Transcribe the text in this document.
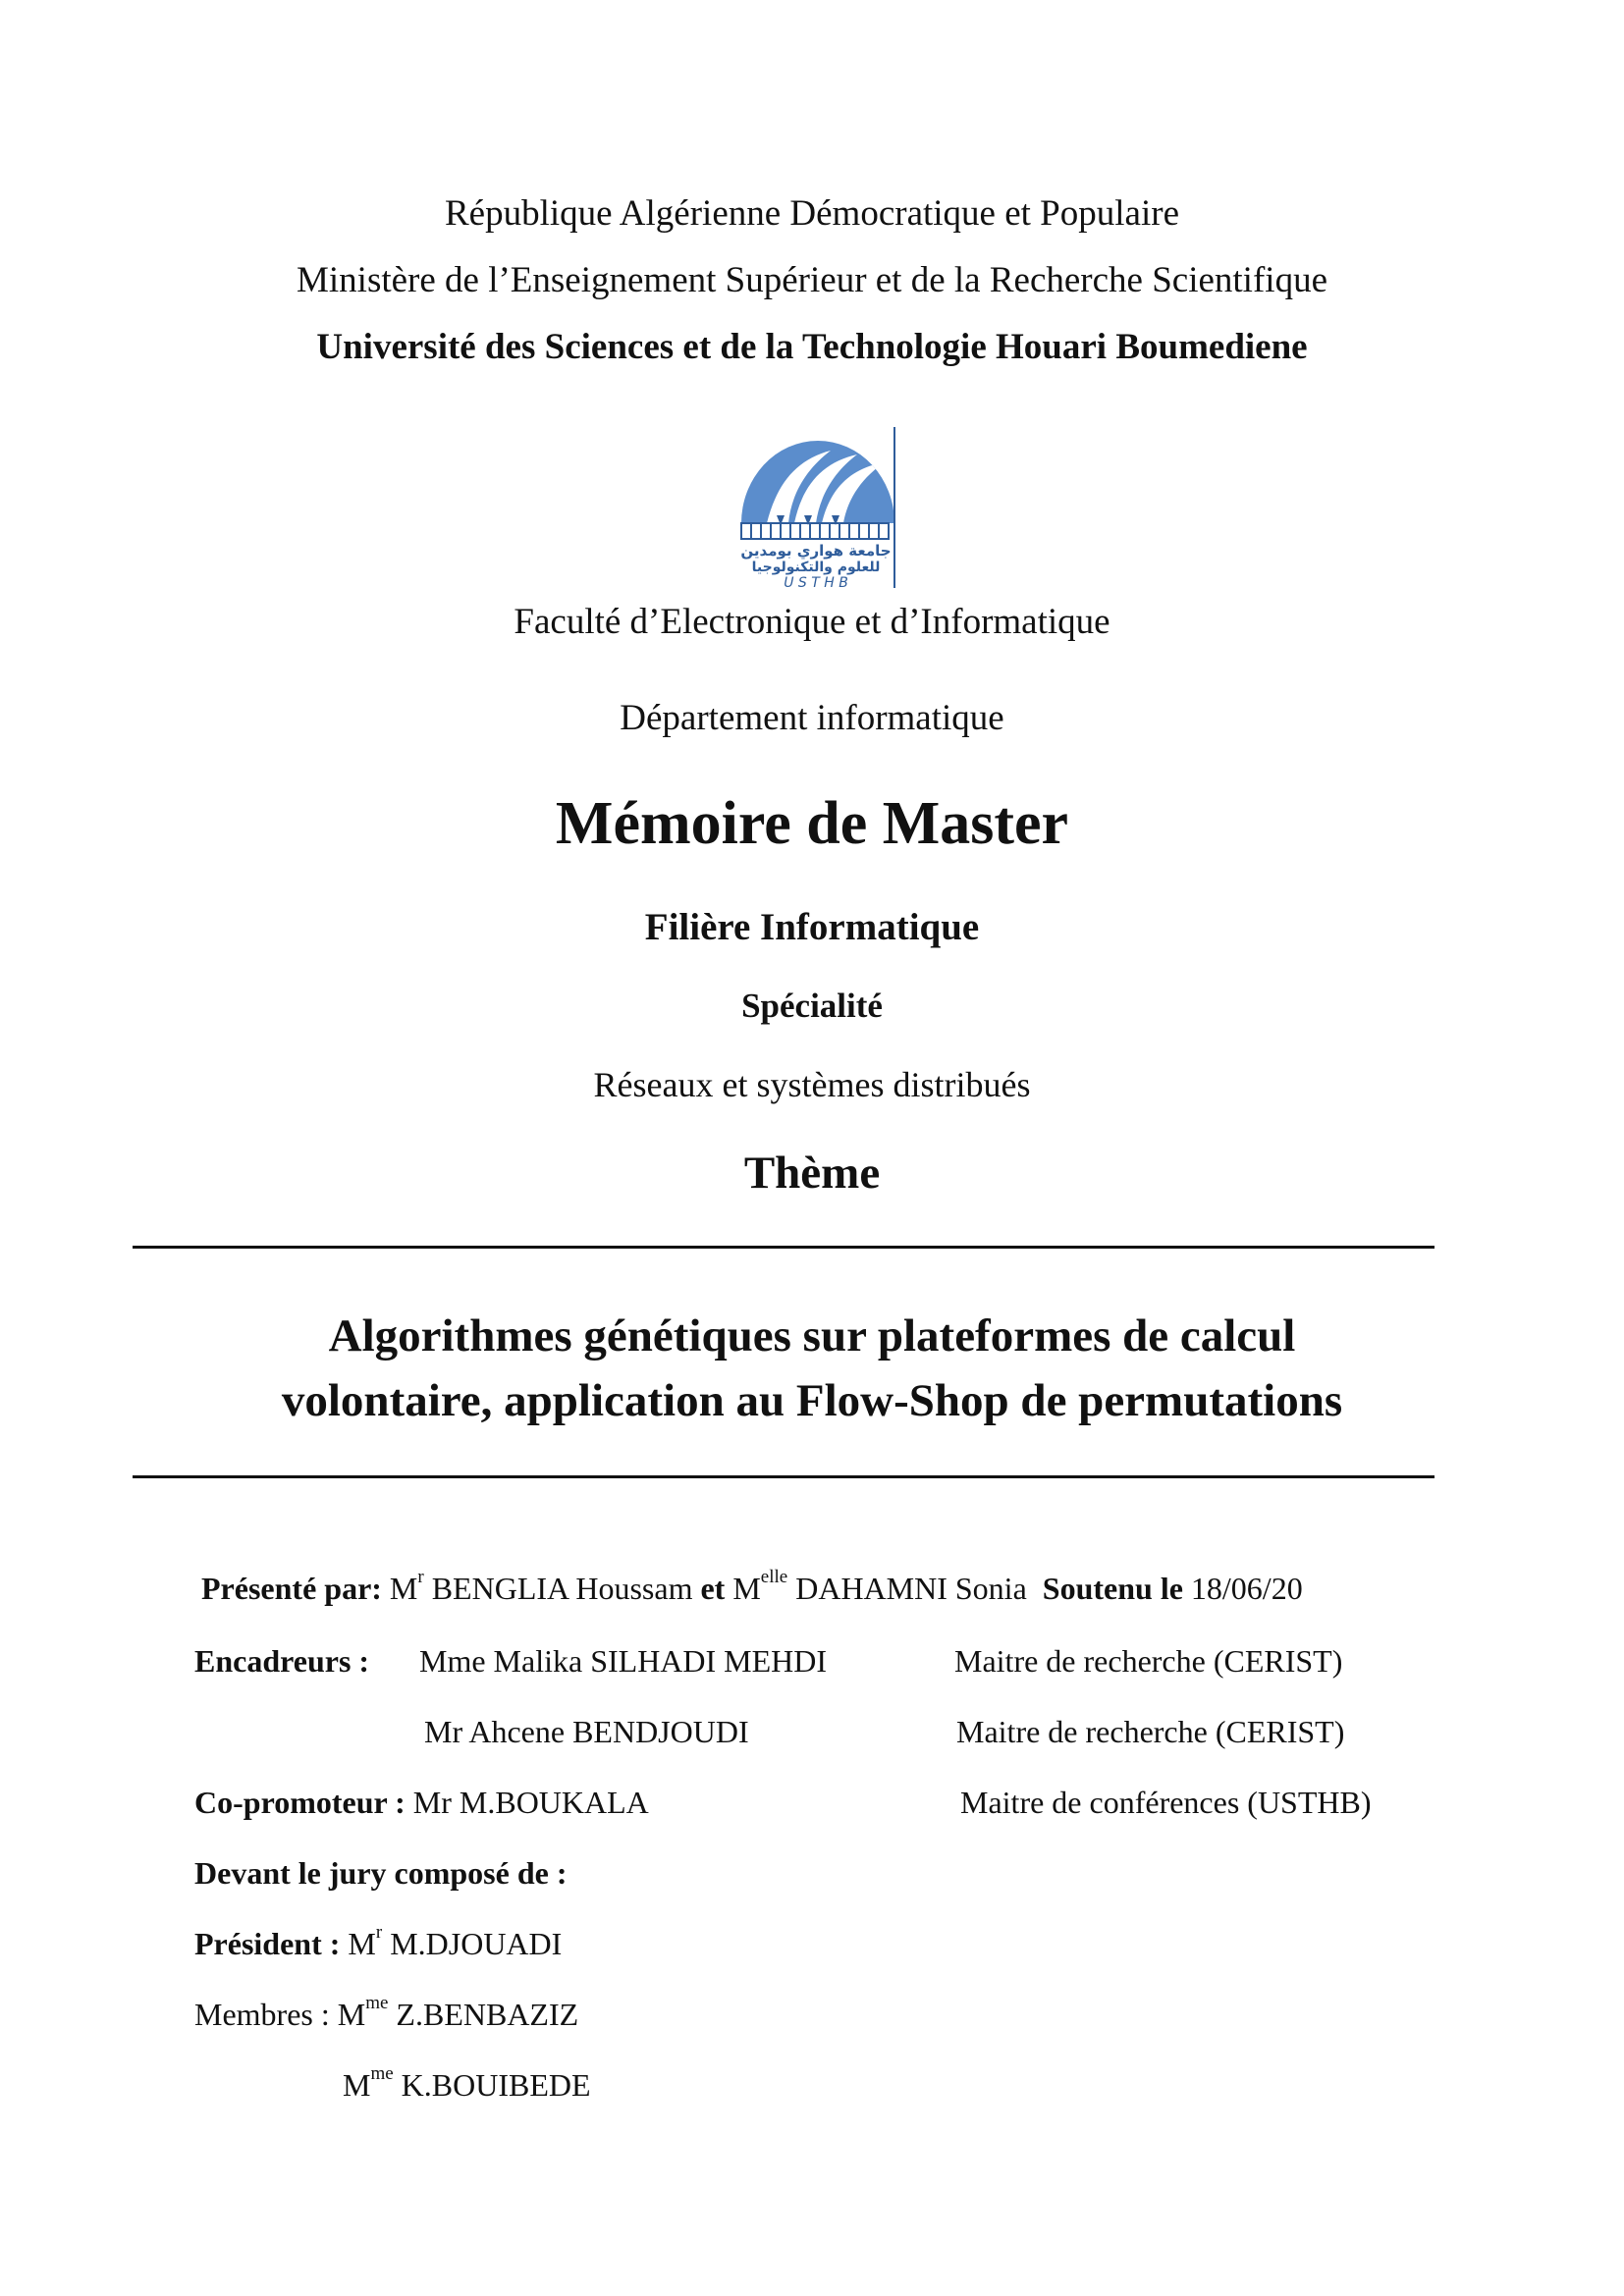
République Algérienne Démocratique et Populaire
Ministère de l’Enseignement Supérieur et de la Recherche Scientifique
Université des Sciences et de la Technologie Houari Boumediene
جامعة هواري بومدين
للعلوم والتكنولوجيا
U S T H B
Faculté d’Electronique et d’Informatique
Département informatique
Mémoire de Master
Filière Informatique
Spécialité
Réseaux et systèmes distribués
Thème
Algorithmes génétiques sur plateformes de calcul
volontaire, application au Flow-Shop de permutations
Présenté par: $M^r$ BENGLIA Houssam et $M^{elle}$ DAHAMNI Sonia Soutenu le 18/06/20
Encadreurs : Mme Malika SILHADI MEHDI	Maitre de recherche (CERIST)
Mr Ahcene BENDJOUDI	Maitre de recherche (CERIST)
Co-promoteur : Mr M.BOUKALA	Maitre de conférences (USTHB)
Devant le jury composé de :
Président : $M^r$ M.DJOUADI
Membres : $M^{me}$ Z.BENBAZIZ
$M^{me}$ K.BOUIBEDE
